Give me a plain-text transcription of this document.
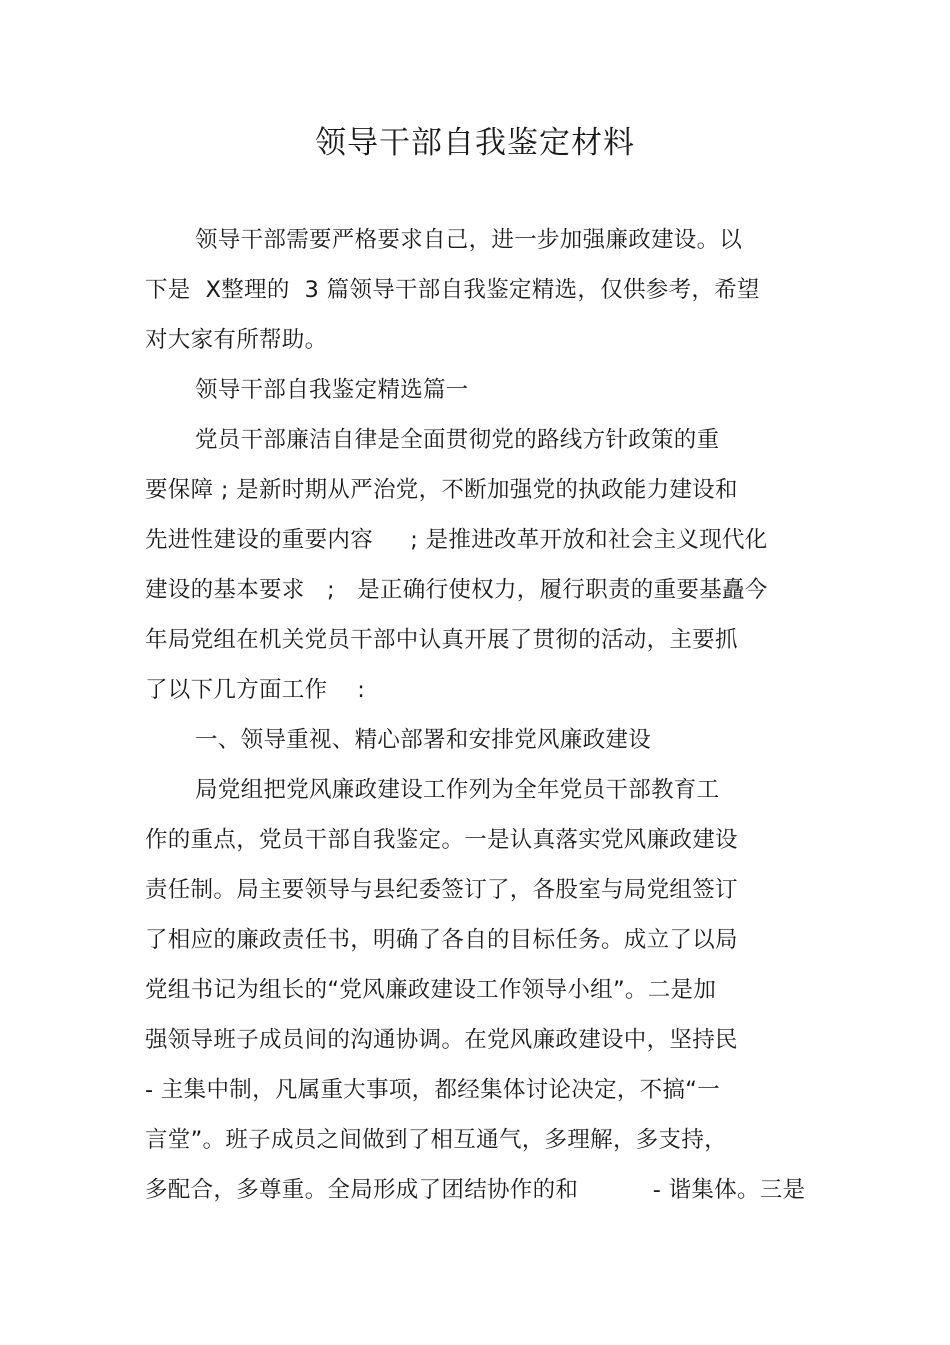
领导干部自我鉴定材料
领导干部需要严格要求自己，进一步加强廉政建设。以
下是  X整理的  3 篇领导干部自我鉴定精选，仅供参考，希望
对大家有所帮助。
领导干部自我鉴定精选篇一
党员干部廉洁自律是全面贯彻党的路线方针政策的重
要保障 ; 是新时期从严治党，不断加强党的执政能力建设和
先进性建设的重要内容     ; 是推进改革开放和社会主义现代化
建设的基本要求   ;   是正确行使权力，履行职责的重要基矗今
年局党组在机关党员干部中认真开展了贯彻的活动，主要抓
了以下几方面工作    :
一、领导重视、精心部署和安排党风廉政建设
局党组把党风廉政建设工作列为全年党员干部教育工
作的重点，党员干部自我鉴定。一是认真落实党风廉政建设
责任制。局主要领导与县纪委签订了，各股室与局党组签订
了相应的廉政责任书，明确了各自的目标任务。成立了以局
党组书记为组长的“党风廉政建设工作领导小组”。二是加
强领导班子成员间的沟通协调。在党风廉政建设中，坚持民
- 主集中制，凡属重大事项，都经集体讨论决定，不搞“一
言堂”。班子成员之间做到了相互通气，多理解，多支持，
多配合，多尊重。全局形成了团结协作的和          - 谐集体。三是
